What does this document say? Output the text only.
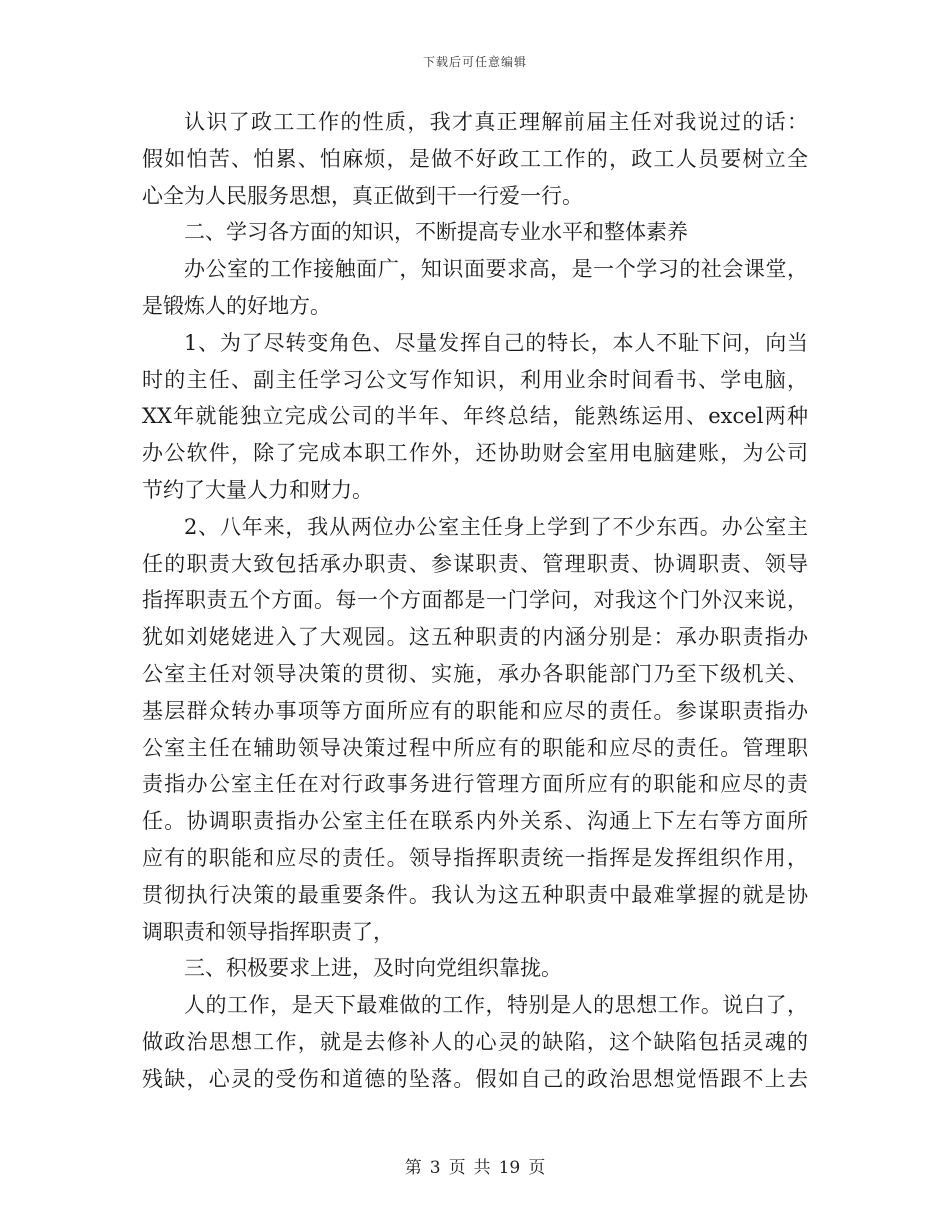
下载后可任意编辑
认识了政工工作的性质，我才真正理解前届主任对我说过的话：
假如怕苦、怕累、怕麻烦，是做不好政工工作的，政工人员要树立全
心全为人民服务思想，真正做到干一行爱一行。
二、学习各方面的知识，不断提高专业水平和整体素养
办公室的工作接触面广，知识面要求高，是一个学习的社会课堂，
是锻炼人的好地方。
1、为了尽转变角色、尽量发挥自己的特长，本人不耻下问，向当
时的主任、副主任学习公文写作知识，利用业余时间看书、学电脑，
XX年就能独立完成公司的半年、年终总结，能熟练运用、excel两种
办公软件，除了完成本职工作外，还协助财会室用电脑建账，为公司
节约了大量人力和财力。
2、八年来，我从两位办公室主任身上学到了不少东西。办公室主
任的职责大致包括承办职责、参谋职责、管理职责、协调职责、领导
指挥职责五个方面。每一个方面都是一门学问，对我这个门外汉来说，
犹如刘姥姥进入了大观园。这五种职责的内涵分别是：承办职责指办
公室主任对领导决策的贯彻、实施，承办各职能部门乃至下级机关、
基层群众转办事项等方面所应有的职能和应尽的责任。参谋职责指办
公室主任在辅助领导决策过程中所应有的职能和应尽的责任。管理职
责指办公室主任在对行政事务进行管理方面所应有的职能和应尽的责
任。协调职责指办公室主任在联系内外关系、沟通上下左右等方面所
应有的职能和应尽的责任。领导指挥职责统一指挥是发挥组织作用，
贯彻执行决策的最重要条件。我认为这五种职责中最难掌握的就是协
调职责和领导指挥职责了，
三、积极要求上进，及时向党组织靠拢。
人的工作，是天下最难做的工作，特别是人的思想工作。说白了，
做政治思想工作，就是去修补人的心灵的缺陷，这个缺陷包括灵魂的
残缺，心灵的受伤和道德的坠落。假如自己的政治思想觉悟跟不上去
第 3 页 共 19 页
